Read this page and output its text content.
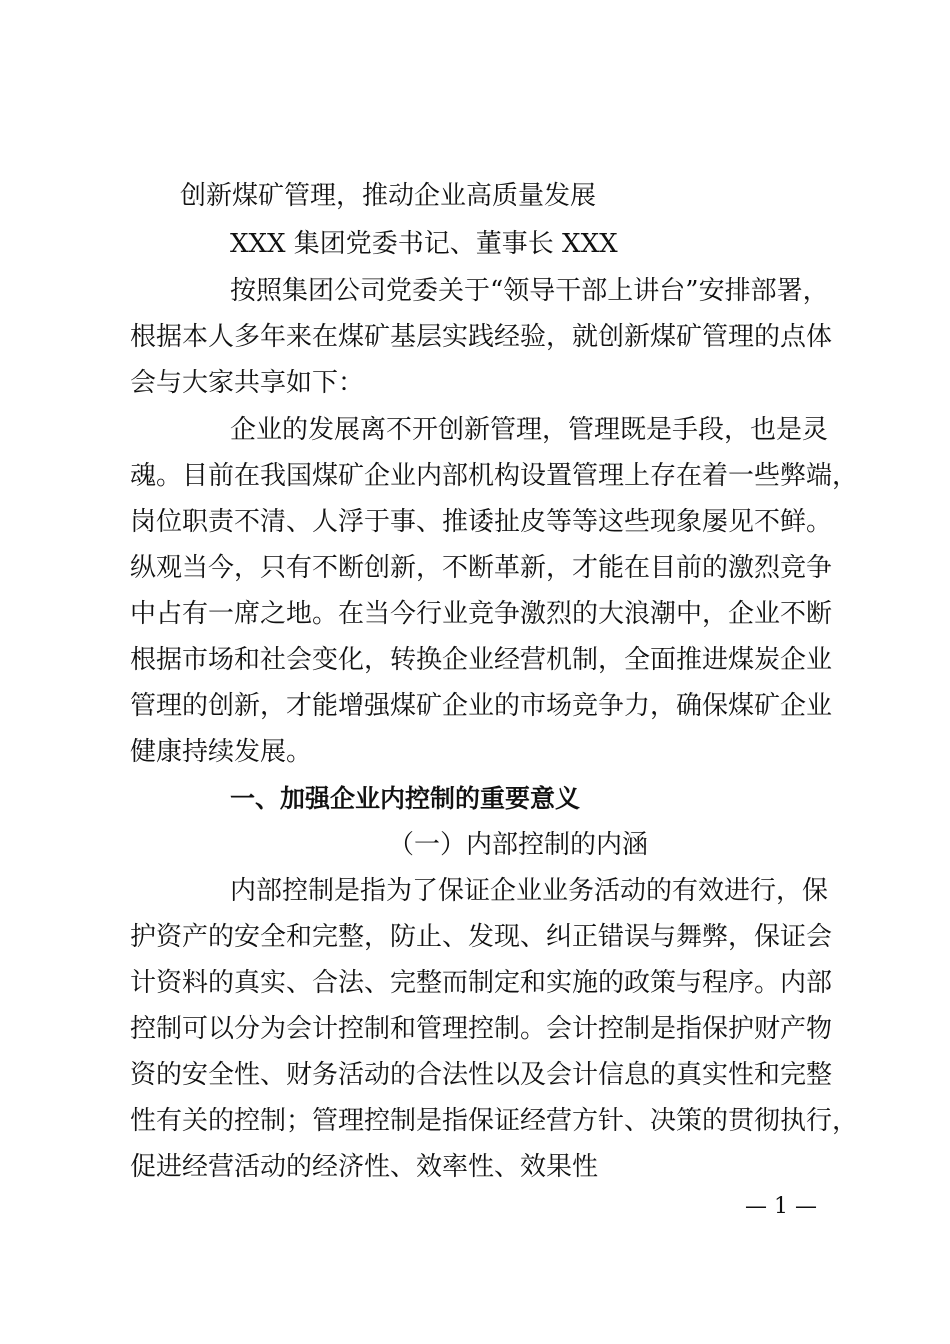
创新煤矿管理，推动企业高质量发展
XXX 集团党委书记、董事长 XXX
按照集团公司党委关于“领导干部上讲台”安排部署，
根据本人多年来在煤矿基层实践经验，就创新煤矿管理的点体
会与大家共享如下：
企业的发展离不开创新管理，管理既是手段，也是灵
魂。目前在我国煤矿企业内部机构设置管理上存在着一些弊端，
岗位职责不清、人浮于事、推诿扯皮等等这些现象屡见不鲜。
纵观当今，只有不断创新，不断革新，才能在目前的激烈竞争
中占有一席之地。在当今行业竞争激烈的大浪潮中，企业不断
根据市场和社会变化，转换企业经营机制，全面推进煤炭企业
管理的创新，才能增强煤矿企业的市场竞争力，确保煤矿企业
健康持续发展。
一、加强企业内控制的重要意义
（一）内部控制的内涵
内部控制是指为了保证企业业务活动的有效进行，保
护资产的安全和完整，防止、发现、纠正错误与舞弊，保证会
计资料的真实、合法、完整而制定和实施的政策与程序。内部
控制可以分为会计控制和管理控制。会计控制是指保护财产物
资的安全性、财务活动的合法性以及会计信息的真实性和完整
性有关的控制；管理控制是指保证经营方针、决策的贯彻执行，
促进经营活动的经济性、效率性、效果性
— 1 —
